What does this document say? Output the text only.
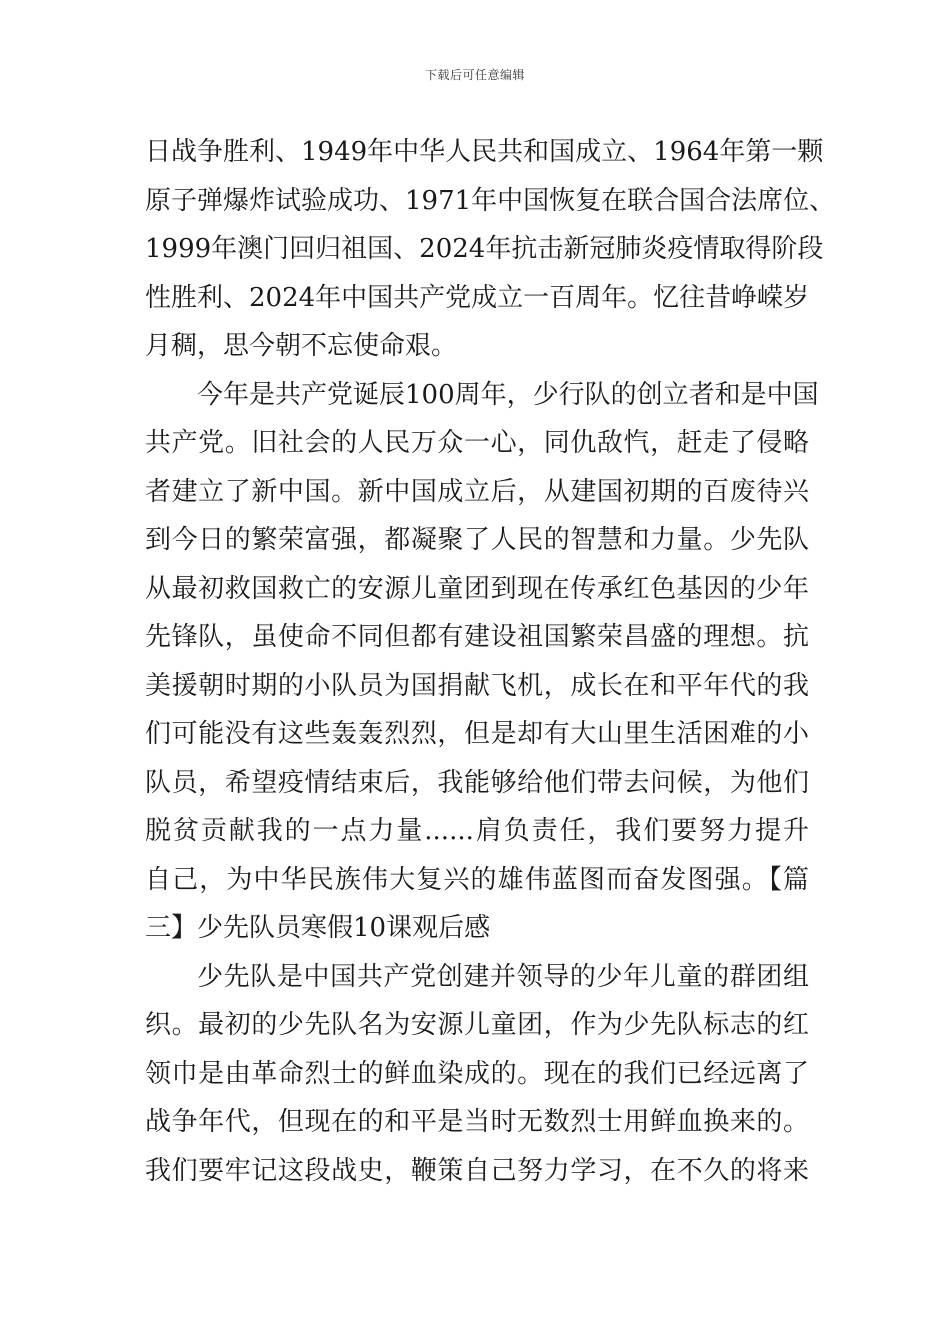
下载后可任意编辑
日战争胜利、1949年中华人民共和国成立、1964年第一颗
原子弹爆炸试验成功、1971年中国恢复在联合国合法席位、
1999年澳门回归祖国、2024年抗击新冠肺炎疫情取得阶段
性胜利、2024年中国共产党成立一百周年。忆往昔峥嵘岁
月稠，思今朝不忘使命艰。
今年是共产党诞辰100周年，少行队的创立者和是中国
共产党。旧社会的人民万众一心，同仇敌忾，赶走了侵略
者建立了新中国。新中国成立后，从建国初期的百废待兴
到今日的繁荣富强，都凝聚了人民的智慧和力量。少先队
从最初救国救亡的安源儿童团到现在传承红色基因的少年
先锋队，虽使命不同但都有建设祖国繁荣昌盛的理想。抗
美援朝时期的小队员为国捐献飞机，成长在和平年代的我
们可能没有这些轰轰烈烈，但是却有大山里生活困难的小
队员，希望疫情结束后，我能够给他们带去问候，为他们
脱贫贡献我的一点力量......肩负责任，我们要努力提升
自己，为中华民族伟大复兴的雄伟蓝图而奋发图强。【篇
三】少先队员寒假10课观后感
少先队是中国共产党创建并领导的少年儿童的群团组
织。最初的少先队名为安源儿童团，作为少先队标志的红
领巾是由革命烈士的鲜血染成的。现在的我们已经远离了
战争年代，但现在的和平是当时无数烈士用鲜血换来的。
我们要牢记这段战史，鞭策自己努力学习，在不久的将来
